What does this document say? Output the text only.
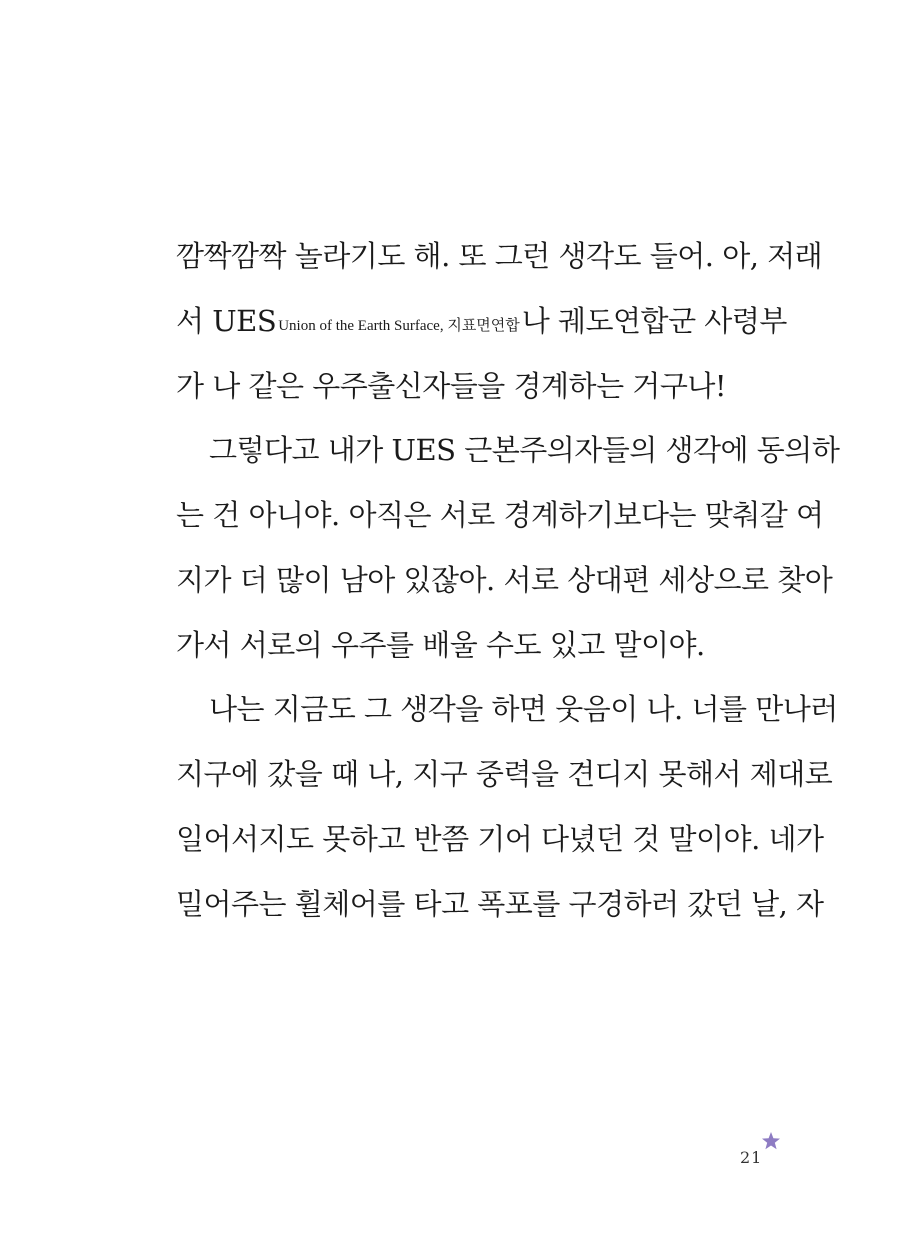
깜짝깜짝 놀라기도 해. 또 그런 생각도 들어. 아, 저래
서 UES Union of the Earth Surface, 지표면연합나 궤도연합군 사령부
가 나 같은 우주출신자들을 경계하는 거구나!
그렇다고 내가 UES 근본주의자들의 생각에 동의하
는 건 아니야. 아직은 서로 경계하기보다는 맞춰갈 여
지가 더 많이 남아 있잖아. 서로 상대편 세상으로 찾아
가서 서로의 우주를 배울 수도 있고 말이야.
나는 지금도 그 생각을 하면 웃음이 나. 너를 만나러
지구에 갔을 때 나, 지구 중력을 견디지 못해서 제대로
일어서지도 못하고 반쯤 기어 다녔던 것 말이야. 네가
밀어주는 휠체어를 타고 폭포를 구경하러 갔던 날, 자
21
